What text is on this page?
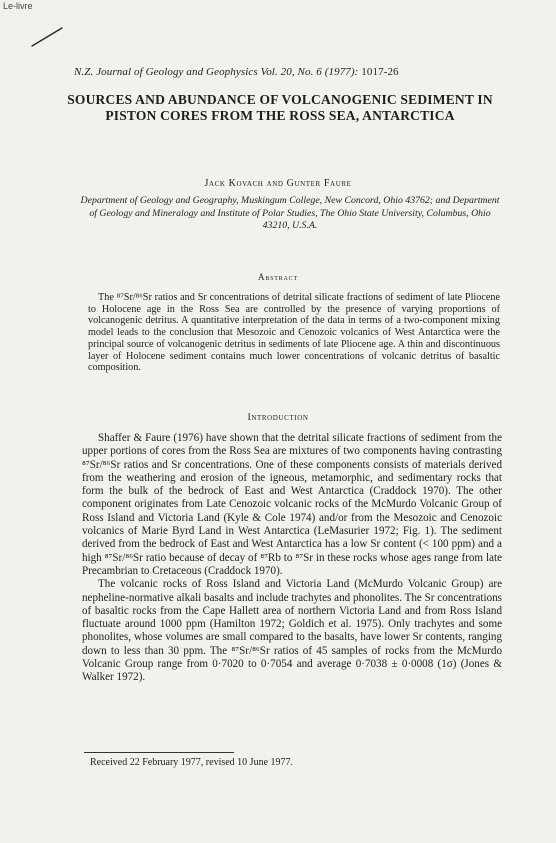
Le-livre
N.Z. Journal of Geology and Geophysics Vol. 20, No. 6 (1977): 1017-26
SOURCES AND ABUNDANCE OF VOLCANOGENIC SEDIMENT IN PISTON CORES FROM THE ROSS SEA, ANTARCTICA
Jack Kovach and Gunter Faure
Department of Geology and Geography, Muskingum College, New Concord, Ohio 43762; and Department of Geology and Mineralogy and Institute of Polar Studies, The Ohio State University, Columbus, Ohio 43210, U.S.A.
Abstract
The ⁸⁷Sr/⁸⁶Sr ratios and Sr concentrations of detrital silicate fractions of sediment of late Pliocene to Holocene age in the Ross Sea are controlled by the presence of varying proportions of volcanogenic detritus. A quantitative interpretation of the data in terms of a two-component mixing model leads to the conclusion that Mesozoic and Cenozoic volcanics of West Antarctica were the principal source of volcanogenic detritus in sediments of late Pliocene age. A thin and discontinuous layer of Holocene sediment contains much lower concentrations of volcanic detritus of basaltic composition.
Introduction

Shaffer & Faure (1976) have shown that the detrital silicate fractions of sediment from the upper portions of cores from the Ross Sea are mixtures of two components having contrasting ⁸⁷Sr/⁸⁶Sr ratios and Sr concentrations. One of these components consists of materials derived from the weathering and erosion of the igneous, metamorphic, and sedimentary rocks that form the bulk of the bedrock of East and West Antarctica (Craddock 1970). The other component originates from Late Cenozoic volcanic rocks of the McMurdo Volcanic Group of Ross Island and Victoria Land (Kyle & Cole 1974) and/or from the Mesozoic and Cenozoic volcanics of Marie Byrd Land in West Antarctica (LeMasurier 1972; Fig. 1). The sediment derived from the bedrock of East and West Antarctica has a low Sr content (< 100 ppm) and a high ⁸⁷Sr/⁸⁶Sr ratio because of decay of ⁸⁷Rb to ⁸⁷Sr in these rocks whose ages range from late Precambrian to Cretaceous (Craddock 1970).

The volcanic rocks of Ross Island and Victoria Land (McMurdo Volcanic Group) are nepheline-normative alkali basalts and include trachytes and phonolites. The Sr concentrations of basaltic rocks from the Cape Hallett area of northern Victoria Land and from Ross Island fluctuate around 1000 ppm (Hamilton 1972; Goldich et al. 1975). Only trachytes and some phonolites, whose volumes are small compared to the basalts, have lower Sr contents, ranging down to less than 30 ppm. The ⁸⁷Sr/⁸⁶Sr ratios of 45 samples of rocks from the McMurdo Volcanic Group range from 0·7020 to 0·7054 and average 0·7038 ± 0·0008 (1σ) (Jones & Walker 1972).

Received 22 February 1977, revised 10 June 1977.
